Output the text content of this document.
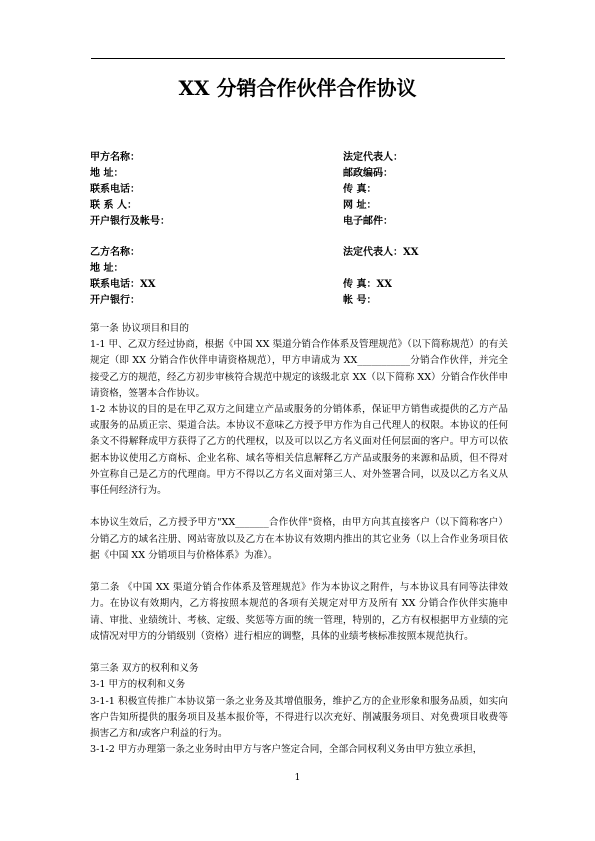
XX 分销合作伙伴合作协议
甲方名称：	法定代表人：
地 址：	邮政编码：
联系电话：	传 真：
联 系 人：	网 址：
开户银行及帐号：	电子邮件：
乙方名称：	法定代表人：XX
地 址：
联系电话：XX	传 真：XX
开户银行：	帐 号：

第一条 协议项目和目的

1-1 甲、乙双方经过协商，根据《中国 XX 渠道分销合作体系及管理规范》（以下简称规范）的有关规定（即 XX 分销合作伙伴申请资格规范），甲方申请成为 XX___________分销合作伙伴，并完全接受乙方的规范，经乙方初步审核符合规范中规定的该级北京 XX（以下简称 XX）分销合作伙伴申请资格，签署本合作协议。

1-2 本协议的目的是在甲乙双方之间建立产品或服务的分销体系，保证甲方销售或提供的乙方产品或服务的品质正宗、渠道合法。本协议不意味乙方授予甲方作为自己代理人的权限。本协议的任何条文不得解释成甲方获得了乙方的代理权，以及可以以乙方名义面对任何层面的客户。甲方可以依据本协议使用乙方商标、企业名称、域名等相关信息解释乙方产品或服务的来源和品质，但不得对外宣称自己是乙方的代理商。甲方不得以乙方名义面对第三人、对外签署合同，以及以乙方名义从事任何经济行为。

本协议生效后，乙方授予甲方"XX_______合作伙伴"资格，由甲方向其直接客户（以下简称客户）分销乙方的域名注册、网站寄放以及乙方在本协议有效期内推出的其它业务（以上合作业务项目依据《中国 XX 分销项目与价格体系》为准）。

第二条 《中国 XX 渠道分销合作体系及管理规范》作为本协议之附件，与本协议具有同等法律效力。在协议有效期内，乙方将按照本规范的各项有关规定对甲方及所有 XX 分销合作伙伴实施申请、审批、业绩统计、考核、定级、奖惩等方面的统一管理，特别的，乙方有权根据甲方业绩的完成情况对甲方的分销级别（资格）进行相应的调整，具体的业绩考核标准按照本规范执行。

第三条 双方的权利和义务

3-1 甲方的权利和义务

3-1-1 积极宣传推广本协议第一条之业务及其增值服务，维护乙方的企业形象和服务品质，如实向客户告知所提供的服务项目及基本报价等，不得进行以次充好、削减服务项目、对免费项目收费等损害乙方和/或客户利益的行为。

3-1-2 甲方办理第一条之业务时由甲方与客户签定合同，全部合同权利义务由甲方独立承担，

1
